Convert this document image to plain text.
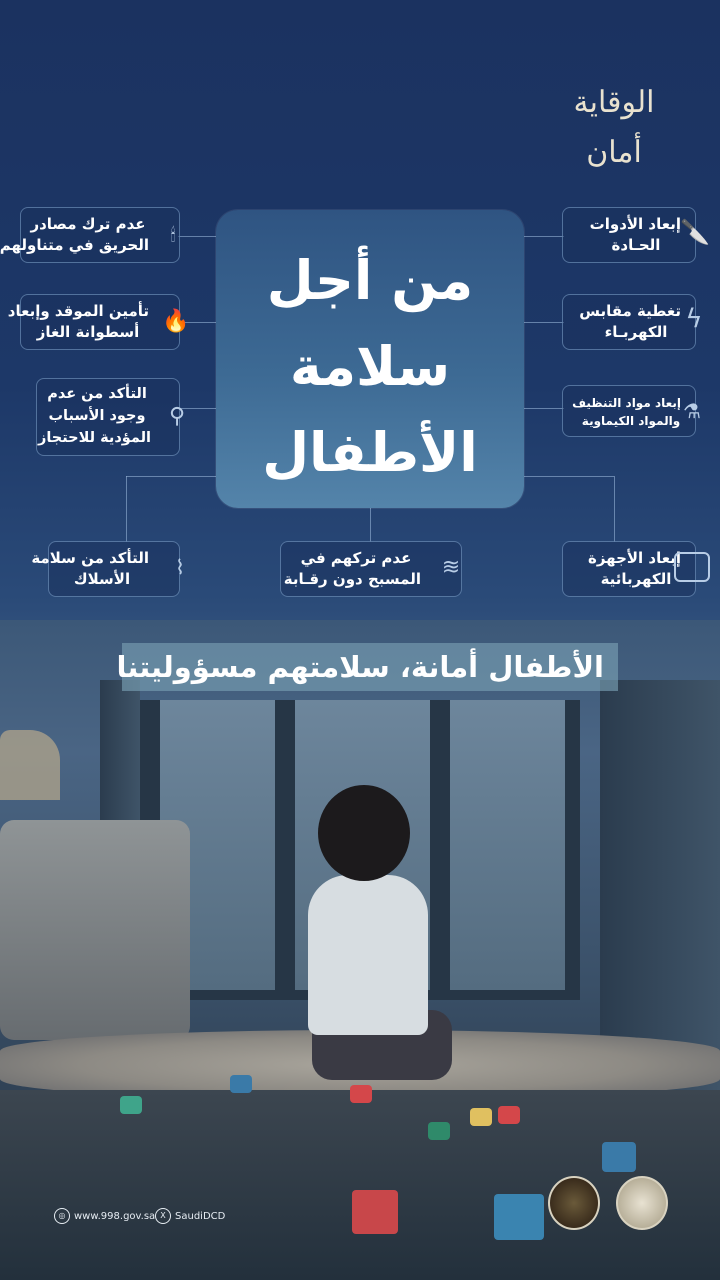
الوقاية أمان
من أجل
سلامة
الأطفال
إبعاد الأدوات
الحـادة 🔪
تغطية مقابس
الكهربـاء ϟ
إبعاد مواد التنظيف
والمواد الكيماوية ⚗
إبعاد الأجهزة
الكهربائية
عدم ترك مصادر
الحريق في متناولهم	🕯
تأمين الموقد وإبعاد
أسطوانة الغاز	🔥
التأكد من عدم
وجود الأسباب
المؤدية للاحتجاز
⚲
التأكد من سلامة
الأسلاك	⌇	عدم تركهم في
المسبح دون رقـابة ≋
الأطفال أمانة، سلامتهم مسؤوليتنا
◎ www.998.gov.sa X SaudiDCD
